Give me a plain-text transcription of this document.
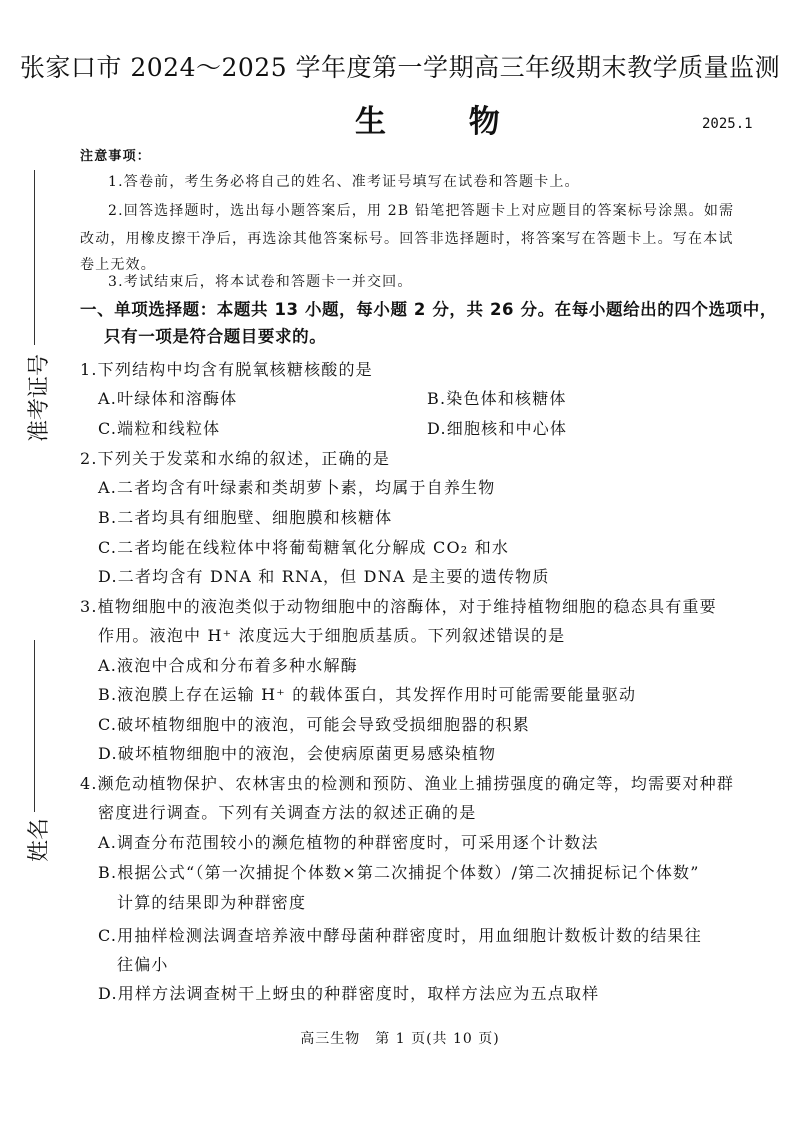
张家口市 2024～2025 学年度第一学期高三年级期末教学质量监测
生 物	2025.1
准考证号
姓名
注意事项：
1.答卷前，考生务必将自己的姓名、准考证号填写在试卷和答题卡上。
2.回答选择题时，选出每小题答案后，用 2B 铅笔把答题卡上对应题目的答案标号涂黑。如需
改动，用橡皮擦干净后，再选涂其他答案标号。回答非选择题时，将答案写在答题卡上。写在本试
卷上无效。
3.考试结束后，将本试卷和答题卡一并交回。
一、单项选择题：本题共 13 小题，每小题 2 分，共 26 分。在每小题给出的四个选项中，
只有一项是符合题目要求的。
1.下列结构中均含有脱氧核糖核酸的是
A.叶绿体和溶酶体	B.染色体和核糖体
C.端粒和线粒体	D.细胞核和中心体
2.下列关于发菜和水绵的叙述，正确的是
A.二者均含有叶绿素和类胡萝卜素，均属于自养生物
B.二者均具有细胞壁、细胞膜和核糖体
C.二者均能在线粒体中将葡萄糖氧化分解成 CO₂ 和水
D.二者均含有 DNA 和 RNA，但 DNA 是主要的遗传物质
3.植物细胞中的液泡类似于动物细胞中的溶酶体，对于维持植物细胞的稳态具有重要
作用。液泡中 H⁺ 浓度远大于细胞质基质。下列叙述错误的是
A.液泡中合成和分布着多种水解酶
B.液泡膜上存在运输 H⁺ 的载体蛋白，其发挥作用时可能需要能量驱动
C.破坏植物细胞中的液泡，可能会导致受损细胞器的积累
D.破坏植物细胞中的液泡，会使病原菌更易感染植物
4.濒危动植物保护、农林害虫的检测和预防、渔业上捕捞强度的确定等，均需要对种群
密度进行调查。下列有关调查方法的叙述正确的是
A.调查分布范围较小的濒危植物的种群密度时，可采用逐个计数法
B.根据公式“（第一次捕捉个体数×第二次捕捉个体数）/第二次捕捉标记个体数”
计算的结果即为种群密度
C.用抽样检测法调查培养液中酵母菌种群密度时，用血细胞计数板计数的结果往
往偏小
D.用样方法调查树干上蚜虫的种群密度时，取样方法应为五点取样
高三生物　第 1 页(共 10 页)
